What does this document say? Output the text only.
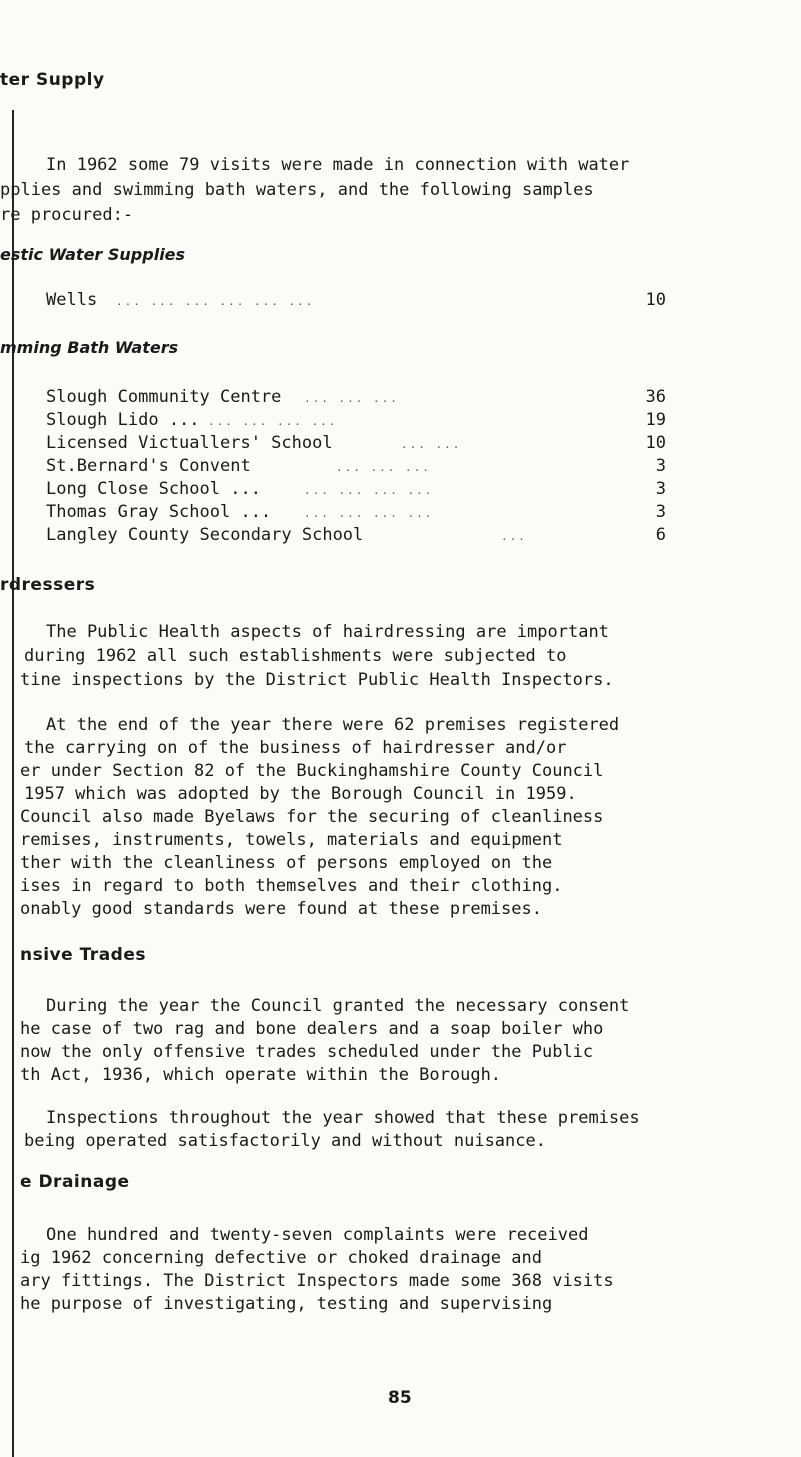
ter Supply
In 1962 some 79 visits were made in connection with water
pplies and swimming bath waters, and the following samples
re procured:-
estic Water Supplies
Wells ... ... ... ... ... ...	10
mming Bath Waters
Slough Community Centre ... ... ...	36
Slough Lido ... ... ... ... ...	19
Licensed Victuallers' School	... ...	10
St.Bernard's Convent	... ... ...	3
Long Close School ...	... ... ... ...	3
Thomas Gray School ...	... ... ... ...	3
Langley County Secondary School	...	6
rdressers
The Public Health aspects of hairdressing are important
during 1962 all such establishments were subjected to
tine inspections by the District Public Health Inspectors.
At the end of the year there were 62 premises registered
the carrying on of the business of hairdresser and/or
er under Section 82 of the Buckinghamshire County Council
1957 which was adopted by the Borough Council in 1959.
Council also made Byelaws for the securing of cleanliness
remises, instruments, towels, materials and equipment
ther with the cleanliness of persons employed on the
ises in regard to both themselves and their clothing.
onably good standards were found at these premises.
nsive Trades
During the year the Council granted the necessary consent
he case of two rag and bone dealers and a soap boiler who
now the only offensive trades scheduled under the Public
th Act, 1936, which operate within the Borough.
Inspections throughout the year showed that these premises
being operated satisfactorily and without nuisance.
e Drainage
One hundred and twenty-seven complaints were received
ig 1962 concerning defective or choked drainage and
ary fittings. The District Inspectors made some 368 visits
he purpose of investigating, testing and supervising
85
